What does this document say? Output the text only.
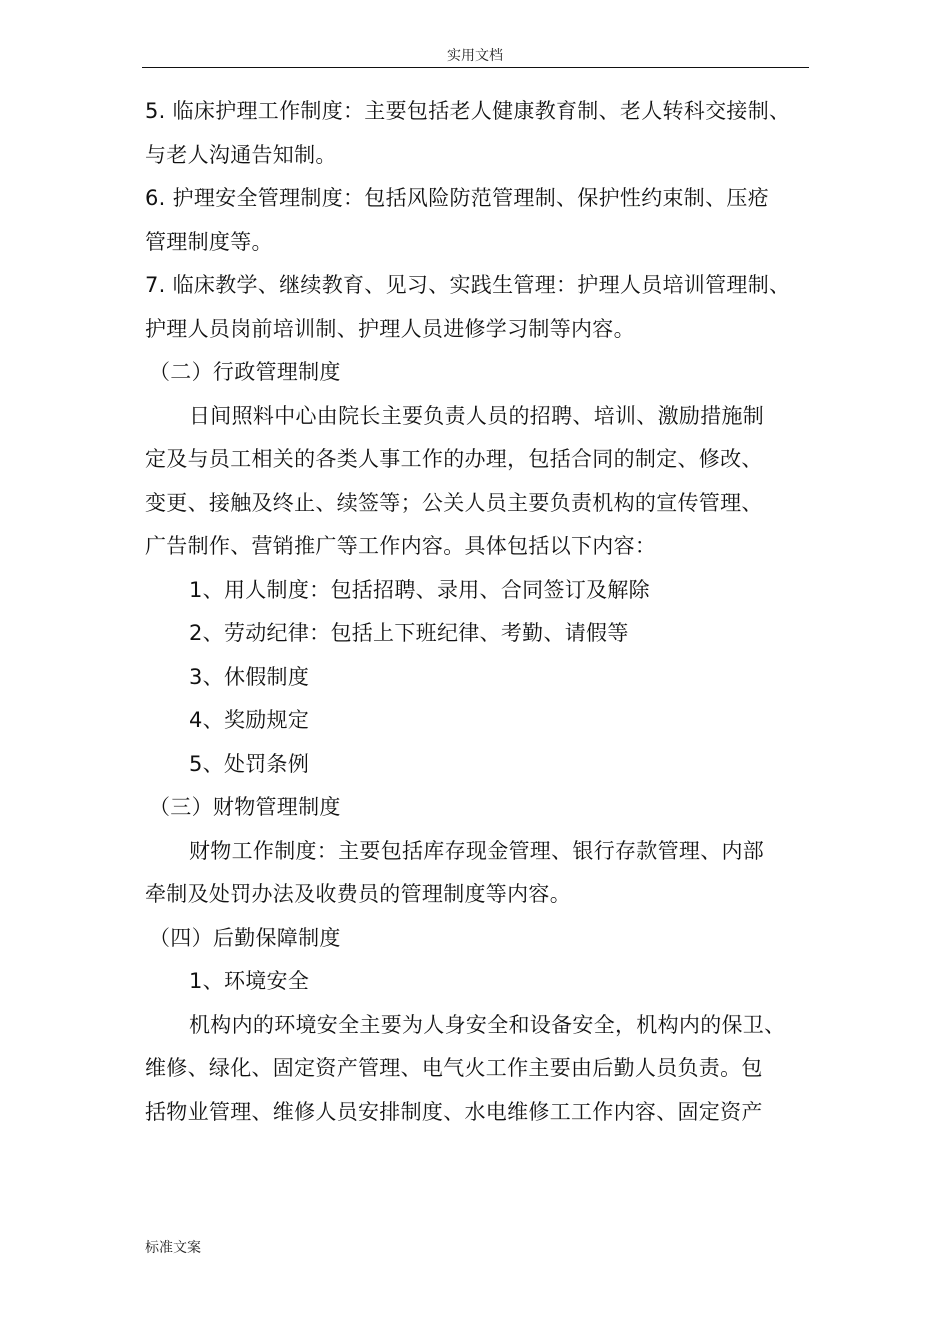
实用文档
5. 临床护理工作制度：主要包括老人健康教育制、老人转科交接制、
与老人沟通告知制。
6. 护理安全管理制度：包括风险防范管理制、保护性约束制、压疮
管理制度等。
7. 临床教学、继续教育、见习、实践生管理：护理人员培训管理制、
护理人员岗前培训制、护理人员进修学习制等内容。
（二）行政管理制度
日间照料中心由院长主要负责人员的招聘、培训、激励措施制
定及与员工相关的各类人事工作的办理，包括合同的制定、修改、
变更、接触及终止、续签等；公关人员主要负责机构的宣传管理、
广告制作、营销推广等工作内容。具体包括以下内容：
1、用人制度：包括招聘、录用、合同签订及解除
2、劳动纪律：包括上下班纪律、考勤、请假等
3、休假制度
4、奖励规定
5、处罚条例
（三）财物管理制度
财物工作制度：主要包括库存现金管理、银行存款管理、内部
牵制及处罚办法及收费员的管理制度等内容。
（四）后勤保障制度
1、环境安全
机构内的环境安全主要为人身安全和设备安全，机构内的保卫、
维修、绿化、固定资产管理、电气火工作主要由后勤人员负责。包
括物业管理、维修人员安排制度、水电维修工工作内容、固定资产
标准文案
